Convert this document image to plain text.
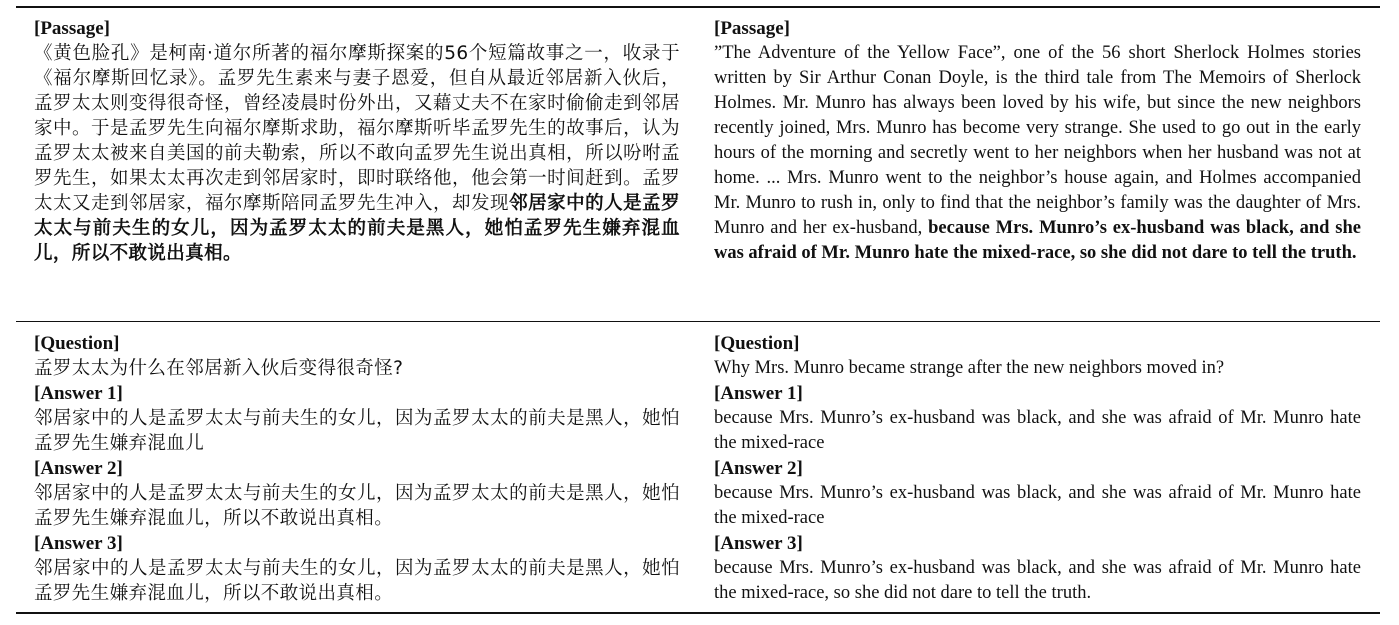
[Passage]

《黄色脸孔》是柯南·道尔所著的福尔摩斯探案的56个短篇故事之一，收录于《福尔摩斯回忆录》。孟罗先生素来与妻子恩爱，但自从最近邻居新入伙后，孟罗太太则变得很奇怪，曾经凌晨时份外出，又藉丈夫不在家时偷偷走到邻居家中。于是孟罗先生向福尔摩斯求助，福尔摩斯听毕孟罗先生的故事后，认为孟罗太太被来自美国的前夫勒索，所以不敢向孟罗先生说出真相，所以吩咐孟罗先生，如果太太再次走到邻居家时，即时联络他，他会第一时间赶到。孟罗太太又走到邻居家，福尔摩斯陪同孟罗先生冲入，却发现邻居家中的人是孟罗太太与前夫生的女儿，因为孟罗太太的前夫是黑人，她怕孟罗先生嫌弃混血儿，所以不敢说出真相。

[Passage]

”The Adventure of the Yellow Face”, one of the 56 short Sherlock Holmes stories written by Sir Arthur Conan Doyle, is the third tale from The Memoirs of Sherlock Holmes. Mr. Munro has always been loved by his wife, but since the new neighbors recently joined, Mrs. Munro has become very strange. She used to go out in the early hours of the morning and secretly went to her neighbors when her husband was not at home. ... Mrs. Munro went to the neighbor’s house again, and Holmes accompanied Mr. Munro to rush in, only to find that the neighbor’s family was the daughter of Mrs. Munro and her ex-husband, because Mrs. Munro’s ex-husband was black, and she was afraid of Mr. Munro hate the mixed-race, so she did not dare to tell the truth.

[Question]

孟罗太太为什么在邻居新入伙后变得很奇怪?

[Answer 1]

邻居家中的人是孟罗太太与前夫生的女儿，因为孟罗太太的前夫是黑人，她怕孟罗先生嫌弃混血儿

[Answer 2]

邻居家中的人是孟罗太太与前夫生的女儿，因为孟罗太太的前夫是黑人，她怕孟罗先生嫌弃混血儿，所以不敢说出真相。

[Answer 3]

邻居家中的人是孟罗太太与前夫生的女儿，因为孟罗太太的前夫是黑人，她怕孟罗先生嫌弃混血儿，所以不敢说出真相。

[Question]

Why Mrs. Munro became strange after the new neighbors moved in?

[Answer 1]

because Mrs. Munro’s ex-husband was black, and she was afraid of Mr. Munro hate the mixed-race

[Answer 2]

because Mrs. Munro’s ex-husband was black, and she was afraid of Mr. Munro hate the mixed-race

[Answer 3]

because Mrs. Munro’s ex-husband was black, and she was afraid of Mr. Munro hate the mixed-race, so she did not dare to tell the truth.
